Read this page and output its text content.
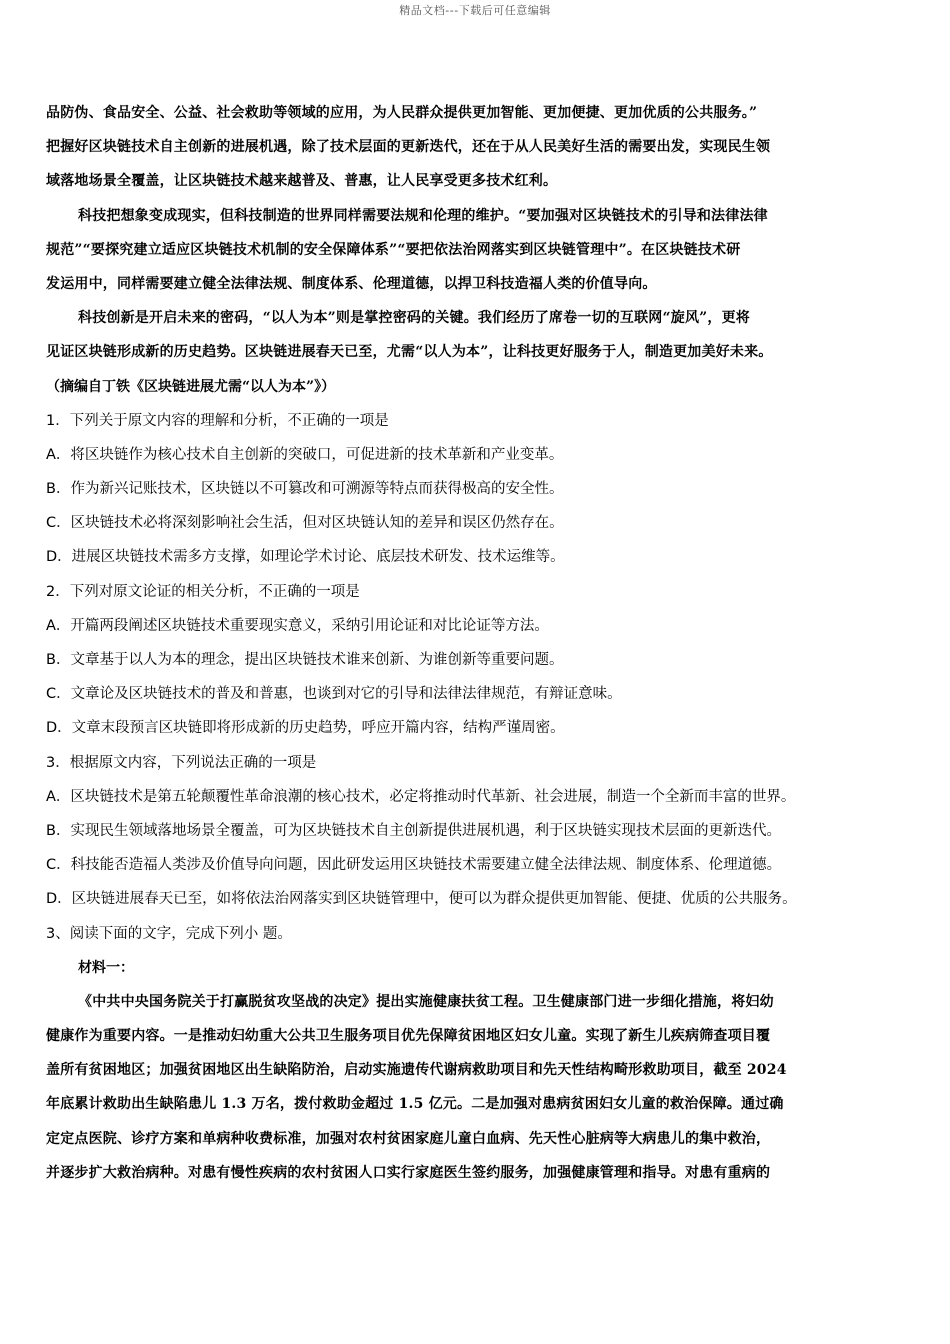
精品文档---下载后可任意编辑
品防伪、食品安全、公益、社会救助等领域的应用，为人民群众提供更加智能、更加便捷、更加优质的公共服务。”
把握好区块链技术自主创新的进展机遇，除了技术层面的更新迭代，还在于从人民美好生活的需要出发，实现民生领
域落地场景全覆盖，让区块链技术越来越普及、普惠，让人民享受更多技术红利。
科技把想象变成现实，但科技制造的世界同样需要法规和伦理的维护。“要加强对区块链技术的引导和法律法律
规范”“要探究建立适应区块链技术机制的安全保障体系”“要把依法治网落实到区块链管理中”。在区块链技术研
发运用中，同样需要建立健全法律法规、制度体系、伦理道德，以捍卫科技造福人类的价值导向。
科技创新是开启未来的密码，“以人为本”则是掌控密码的关键。我们经历了席卷一切的互联网“旋风”，更将
见证区块链形成新的历史趋势。区块链进展春天已至，尤需“以人为本”，让科技更好服务于人，制造更加美好未来。
（摘编自丁铁《区块链进展尤需“以人为本”》）
1．下列关于原文内容的理解和分析，不正确的一项是
A．将区块链作为核心技术自主创新的突破口，可促进新的技术革新和产业变革。
B．作为新兴记账技术，区块链以不可篡改和可溯源等特点而获得极高的安全性。
C．区块链技术必将深刻影响社会生活，但对区块链认知的差异和误区仍然存在。
D．进展区块链技术需多方支撑，如理论学术讨论、底层技术研发、技术运维等。
2．下列对原文论证的相关分析，不正确的一项是
A．开篇两段阐述区块链技术重要现实意义，采纳引用论证和对比论证等方法。
B．文章基于以人为本的理念，提出区块链技术谁来创新、为谁创新等重要问题。
C．文章论及区块链技术的普及和普惠，也谈到对它的引导和法律法律规范，有辩证意味。
D．文章末段预言区块链即将形成新的历史趋势，呼应开篇内容，结构严谨周密。
3．根据原文内容，下列说法正确的一项是
A．区块链技术是第五轮颠覆性革命浪潮的核心技术，必定将推动时代革新、社会进展，制造一个全新而丰富的世界。
B．实现民生领域落地场景全覆盖，可为区块链技术自主创新提供进展机遇，利于区块链实现技术层面的更新迭代。
C．科技能否造福人类涉及价值导向问题，因此研发运用区块链技术需要建立健全法律法规、制度体系、伦理道德。
D．区块链进展春天已至，如将依法治网落实到区块链管理中，便可以为群众提供更加智能、便捷、优质的公共服务。
3、阅读下面的文字，完成下列小 题。
材料一：
《中共中央国务院关于打赢脱贫攻坚战的决定》提出实施健康扶贫工程。卫生健康部门进一步细化措施，将妇幼
健康作为重要内容。一是推动妇幼重大公共卫生服务项目优先保障贫困地区妇女儿童。实现了新生儿疾病筛查项目覆
盖所有贫困地区；加强贫困地区出生缺陷防治，启动实施遗传代谢病救助项目和先天性结构畸形救助项目，截至 2024
年底累计救助出生缺陷患儿 1.3 万名，拨付救助金超过 1.5 亿元。二是加强对患病贫困妇女儿童的救治保障。通过确
定定点医院、诊疗方案和单病种收费标准，加强对农村贫困家庭儿童白血病、先天性心脏病等大病患儿的集中救治，
并逐步扩大救治病种。对患有慢性疾病的农村贫困人口实行家庭医生签约服务，加强健康管理和指导。对患有重病的
